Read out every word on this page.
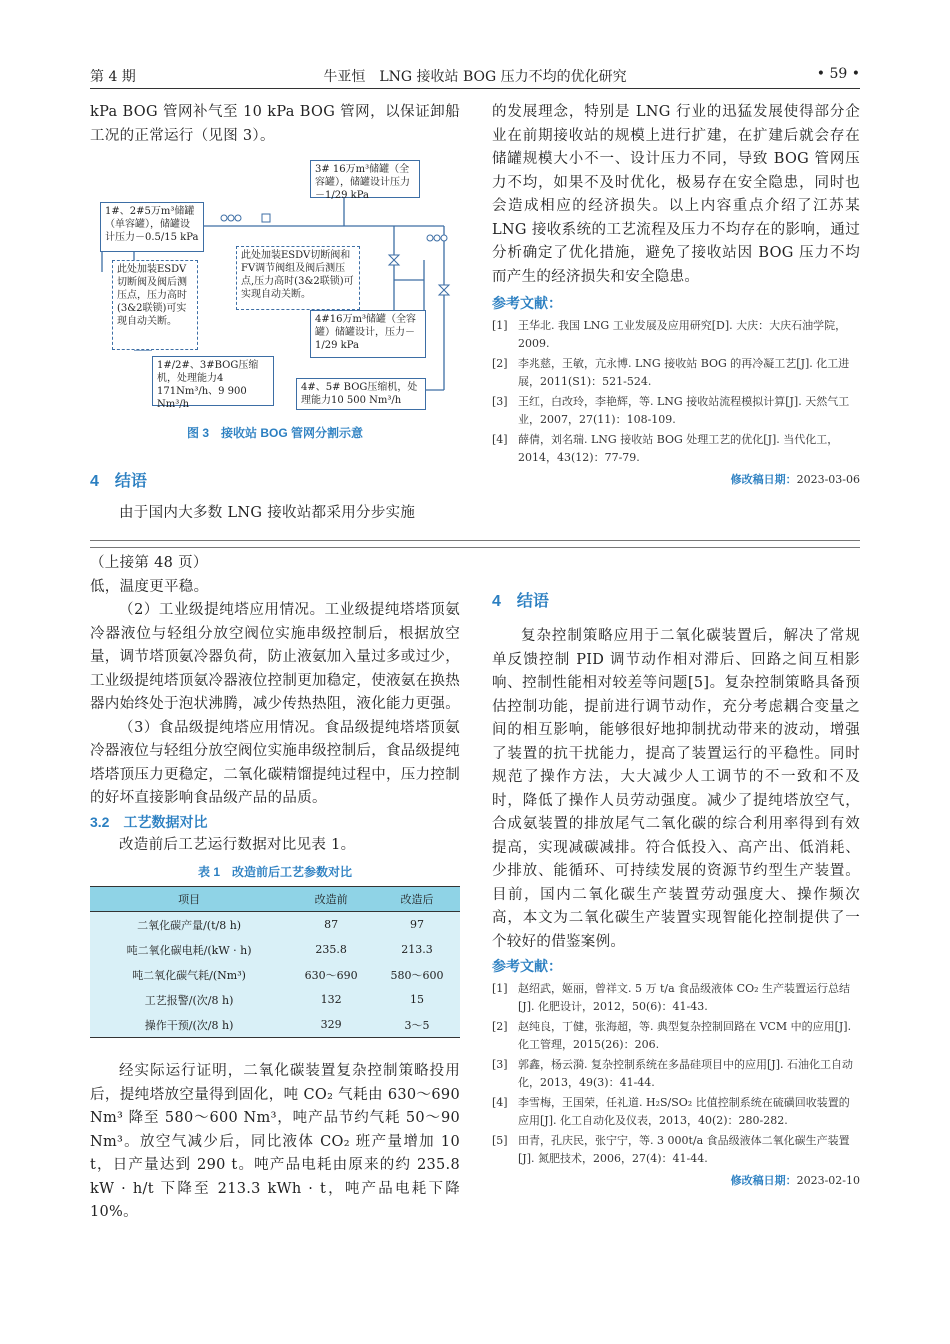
第 4 期	牛亚恒　LNG 接收站 BOG 压力不均的优化研究	• 59 •

kPa BOG 管网补气至 10 kPa BOG 管网，以保证卸船工况的正常运行（见图 3）。

1#、2#5万m³储罐（单容罐），储罐设计压力－0.5/15 kPa
3# 16万m³储罐（全容罐），储罐设计压力－1/29 kPa
此处加装ESDV切断阀及阀后测压点，压力高时(3&2联锁)可实现自动关断。
此处加装ESDV切断阀和FV调节阀组及阀后测压点,压力高时(3&2联锁)可实现自动关断。
4#16万m³储罐（全容罐）储罐设计，压力－1/29 kPa
1#/2#、3#BOG压缩机，处理能力4 171Nm³/h、9 900 Nm³/h
4#、5# BOG压缩机，处理能力10 500 Nm³/h
图 3　接收站 BOG 管网分割示意
4　结语

由于国内大多数 LNG 接收站都采用分步实施

的发展理念，特别是 LNG 行业的迅猛发展使得部分企业在前期接收站的规模上进行扩建，在扩建后就会存在储罐规模大小不一、设计压力不同，导致 BOG 管网压力不均，如果不及时优化，极易存在安全隐患，同时也会造成相应的经济损失。以上内容重点介绍了江苏某 LNG 接收系统的工艺流程及压力不均存在的影响，通过分析确定了优化措施，避免了接收站因 BOG 压力不均而产生的经济损失和安全隐患。

参考文献：
[1] 王华北. 我国 LNG 工业发展及应用研究[D]. 大庆：大庆石油学院，2009.
[2] 李兆慈，王敏，亢永博. LNG 接收站 BOG 的再冷凝工艺[J]. 化工进展，2011(S1)：521-524.
[3] 王红，白改玲，李艳辉，等. LNG 接收站流程模拟计算[J]. 天然气工业，2007，27(11)：108-109.
[4] 薛倩，刘名瑞. LNG 接收站 BOG 处理工艺的优化[J]. 当代化工，2014，43(12)：77-79.
修改稿日期：2023-03-06

（上接第 48 页）

低，温度更平稳。

（2）工业级提纯塔应用情况。工业级提纯塔塔顶氨冷器液位与轻组分放空阀位实施串级控制后，根据放空量，调节塔顶氨冷器负荷，防止液氨加入量过多或过少，工业级提纯塔顶氨冷器液位控制更加稳定，使液氨在换热器内始终处于泡状沸腾，减少传热热阻，液化能力更强。

（3）食品级提纯塔应用情况。食品级提纯塔塔顶氨冷器液位与轻组分放空阀位实施串级控制后，食品级提纯塔塔顶压力更稳定，二氧化碳精馏提纯过程中，压力控制的好坏直接影响食品级产品的品质。

3.2　工艺数据对比

改造前后工艺运行数据对比见表 1。

表 1　改造前后工艺参数对比
项目	改造前	改造后
二氧化碳产量/(t/8 h)	87	97
吨二氧化碳电耗/(kW · h)	235.8	213.3
吨二氧化碳气耗/(Nm³)	630～690	580～600
工艺报警/(次/8 h)	132	15
操作干预/(次/8 h)	329	3～5

经实际运行证明，二氧化碳装置复杂控制策略投用后，提纯塔放空量得到固化，吨 CO₂ 气耗由 630～690 Nm³ 降至 580～600 Nm³，吨产品节约气耗 50～90 Nm³。放空气减少后，同比液体 CO₂ 班产量增加 10 t，日产量达到 290 t。吨产品电耗由原来的约 235.8 kW · h/t 下降至 213.3 kWh · t，吨产品电耗下降 10%。

4　结语

复杂控制策略应用于二氧化碳装置后，解决了常规单反馈控制 PID 调节动作相对滞后、回路之间互相影响、控制性能相对较差等问题[5]。复杂控制策略具备预估控制功能，提前进行调节动作，充分考虑耦合变量之间的相互影响，能够很好地抑制扰动带来的波动，增强了装置的抗干扰能力，提高了装置运行的平稳性。同时规范了操作方法，大大减少人工调节的不一致和不及时，降低了操作人员劳动强度。减少了提纯塔放空气，合成氨装置的排放尾气二氧化碳的综合利用率得到有效提高，实现减碳减排。符合低投入、高产出、低消耗、少排放、能循环、可持续发展的资源节约型生产装置。目前，国内二氧化碳生产装置劳动强度大、操作频次高，本文为二氧化碳生产装置实现智能化控制提供了一个较好的借鉴案例。

参考文献：
[1] 赵绍武，姬丽，曾祥文. 5 万 t/a 食品级液体 CO₂ 生产装置运行总结[J]. 化肥设计，2012，50(6)：41-43.
[2] 赵纯良，丁健，张海超，等. 典型复杂控制回路在 VCM 中的应用[J]. 化工管理，2015(26)：206.
[3] 郭鑫，杨云漪. 复杂控制系统在多晶硅项目中的应用[J]. 石油化工自动化，2013，49(3)：41-44.
[4] 李雪梅，王国荣，任礼道. H₂S/SO₂ 比值控制系统在硫磺回收装置的应用[J]. 化工自动化及仪表，2013，40(2)：280-282.
[5] 田青，孔庆民，张宁宁，等. 3 000t/a 食品级液体二氧化碳生产装置[J]. 氮肥技术，2006，27(4)：41-44.
修改稿日期：2023-02-10
